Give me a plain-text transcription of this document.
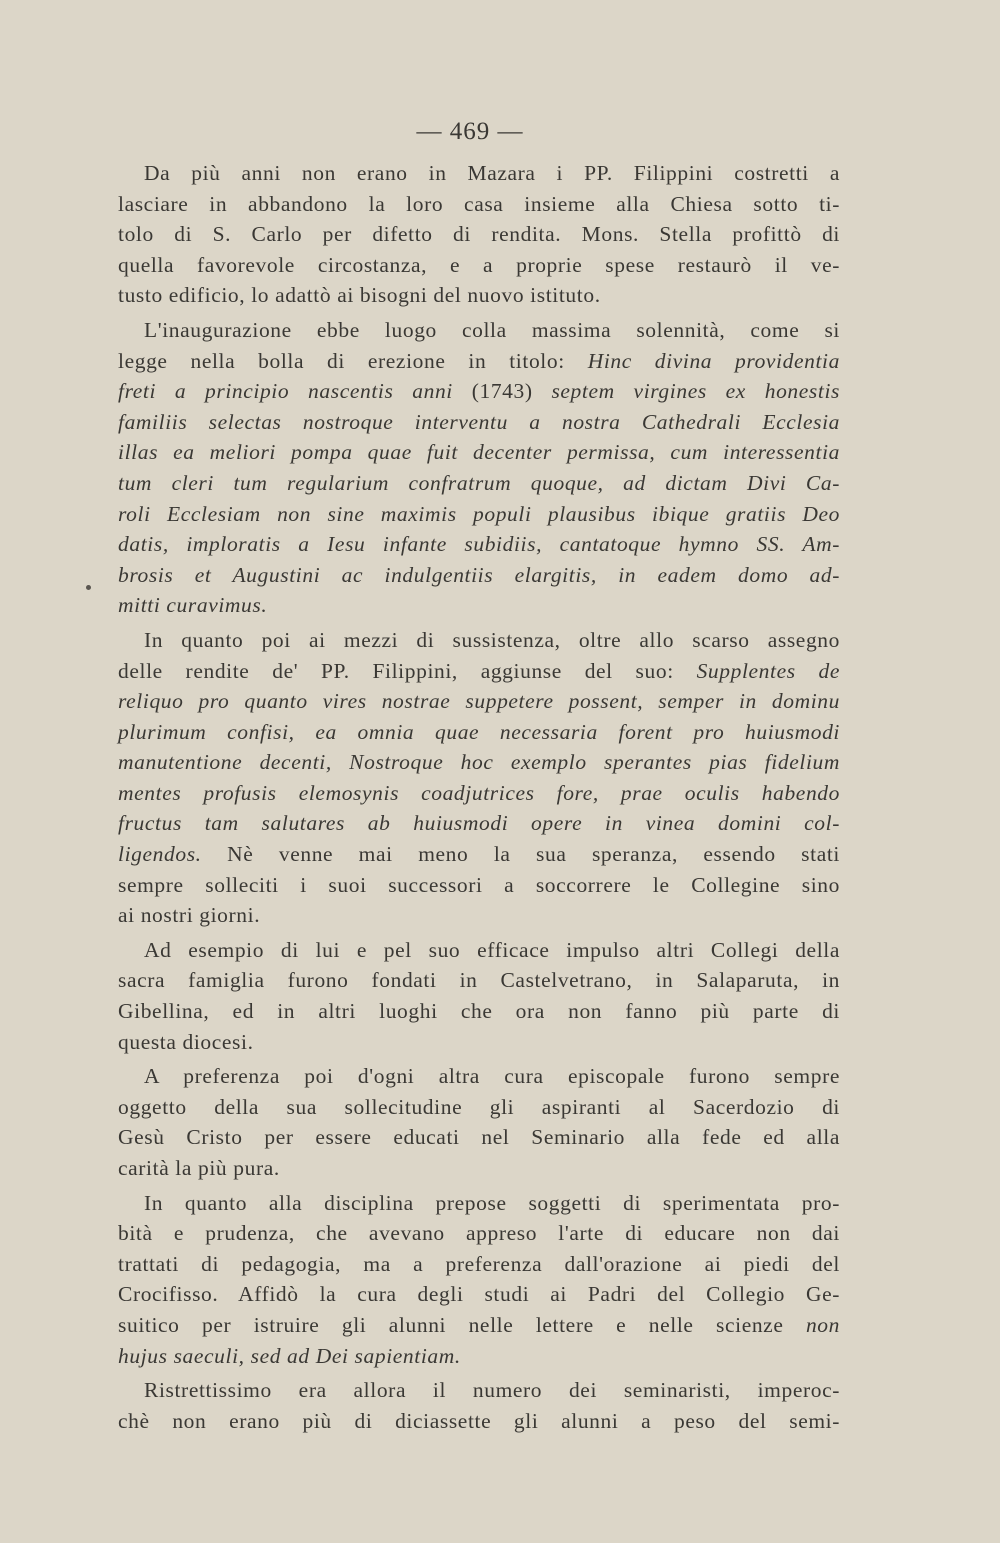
— 469 —
Da più anni non erano in Mazara i PP. Filippini costretti a
lasciare in abbandono la loro casa insieme alla Chiesa sotto ti-
tolo di S. Carlo per difetto di rendita. Mons. Stella profittò di
quella favorevole circostanza, e a proprie spese restaurò il ve-
tusto edificio, lo adattò ai bisogni del nuovo istituto.
L'inaugurazione ebbe luogo colla massima solennità, come si
legge nella bolla di erezione in titolo: Hinc divina providentia
freti a principio nascentis anni (1743) septem virgines ex honestis
familiis selectas nostroque interventu a nostra Cathedrali Ecclesia
illas ea meliori pompa quae fuit decenter permissa, cum interessentia
tum cleri tum regularium confratrum quoque, ad dictam Divi Ca-
roli Ecclesiam non sine maximis populi plausibus ibique gratiis Deo
datis, imploratis a Iesu infante subidiis, cantatoque hymno SS. Am-
brosis et Augustini ac indulgentiis elargitis, in eadem domo ad-
mitti curavimus.
In quanto poi ai mezzi di sussistenza, oltre allo scarso assegno
delle rendite de' PP. Filippini, aggiunse del suo: Supplentes de
reliquo pro quanto vires nostrae suppetere possent, semper in dominu
plurimum confisi, ea omnia quae necessaria forent pro huiusmodi
manutentione decenti, Nostroque hoc exemplo sperantes pias fidelium
mentes profusis elemosynis coadjutrices fore, prae oculis habendo
fructus tam salutares ab huiusmodi opere in vinea domini col-
ligendos. Nè venne mai meno la sua speranza, essendo stati
sempre solleciti i suoi successori a soccorrere le Collegine sino
ai nostri giorni.
Ad esempio di lui e pel suo efficace impulso altri Collegi della
sacra famiglia furono fondati in Castelvetrano, in Salaparuta, in
Gibellina, ed in altri luoghi che ora non fanno più parte di
questa diocesi.
A preferenza poi d'ogni altra cura episcopale furono sempre
oggetto della sua sollecitudine gli aspiranti al Sacerdozio di
Gesù Cristo per essere educati nel Seminario alla fede ed alla
carità la più pura.
In quanto alla disciplina prepose soggetti di sperimentata pro-
bità e prudenza, che avevano appreso l'arte di educare non dai
trattati di pedagogia, ma a preferenza dall'orazione ai piedi del
Crocifisso. Affidò la cura degli studi ai Padri del Collegio Ge-
suitico per istruire gli alunni nelle lettere e nelle scienze non
hujus saeculi, sed ad Dei sapientiam.
Ristrettissimo era allora il numero dei seminaristi, imperoc-
chè non erano più di diciassette gli alunni a peso del semi-
